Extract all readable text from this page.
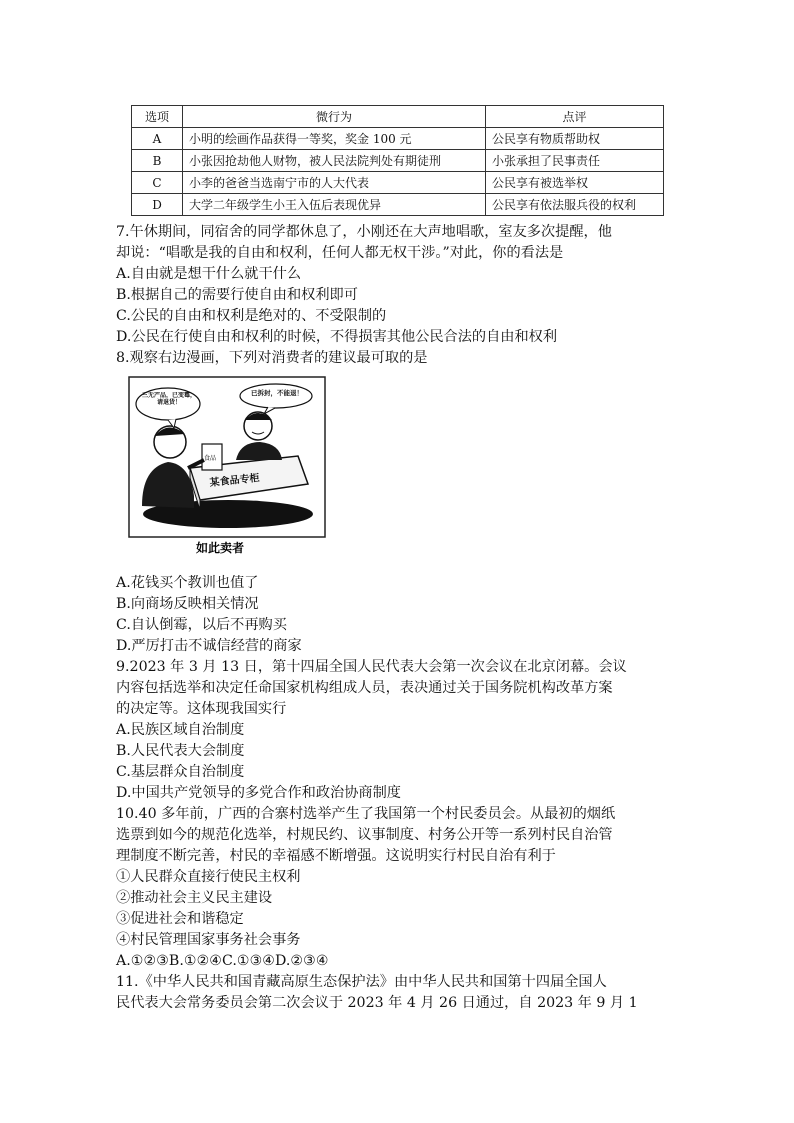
选项	微行为	点评
A	小明的绘画作品获得一等奖，奖金 100 元	公民享有物质帮助权
B	小张因抢劫他人财物，被人民法院判处有期徒刑	小张承担了民事责任
C	小李的爸爸当选南宁市的人大代表	公民享有被选举权
D	大学二年级学生小王入伍后表现优异	公民享有依法服兵役的权利

7.午休期间，同宿舍的同学都休息了，小刚还在大声地唱歌，室友多次提醒，他

却说：“唱歌是我的自由和权利，任何人都无权干涉。”对此，你的看法是

A.自由就是想干什么就干什么

B.根据自己的需要行使自由和权利即可

C.公民的自由和权利是绝对的、不受限制的

D.公民在行使自由和权利的时候，不得损害其他公民合法的自由和权利

8.观察右边漫画，下列对消费者的建议最可取的是

某食品专柜
食品
三无产品，已变霉，请退货！
已拆封，不能退！
如此卖者

A.花钱买个教训也值了

B.向商场反映相关情况

C.自认倒霉，以后不再购买

D.严厉打击不诚信经营的商家

9.2023 年 3 月 13 日，第十四届全国人民代表大会第一次会议在北京闭幕。会议

内容包括选举和决定任命国家机构组成人员，表决通过关于国务院机构改革方案

的决定等。这体现我国实行

A.民族区域自治制度

B.人民代表大会制度

C.基层群众自治制度

D.中国共产党领导的多党合作和政治协商制度

10.40 多年前，广西的合寨村选举产生了我国第一个村民委员会。从最初的烟纸

选票到如今的规范化选举，村规民约、议事制度、村务公开等一系列村民自治管

理制度不断完善，村民的幸福感不断增强。这说明实行村民自治有利于

①人民群众直接行使民主权利

②推动社会主义民主建设

③促进社会和谐稳定

④村民管理国家事务社会事务

A.①②③B.①②④C.①③④D.②③④

11.《中华人民共和国青藏高原生态保护法》由中华人民共和国第十四届全国人

民代表大会常务委员会第二次会议于 2023 年 4 月 26 日通过，自 2023 年 9 月 1
